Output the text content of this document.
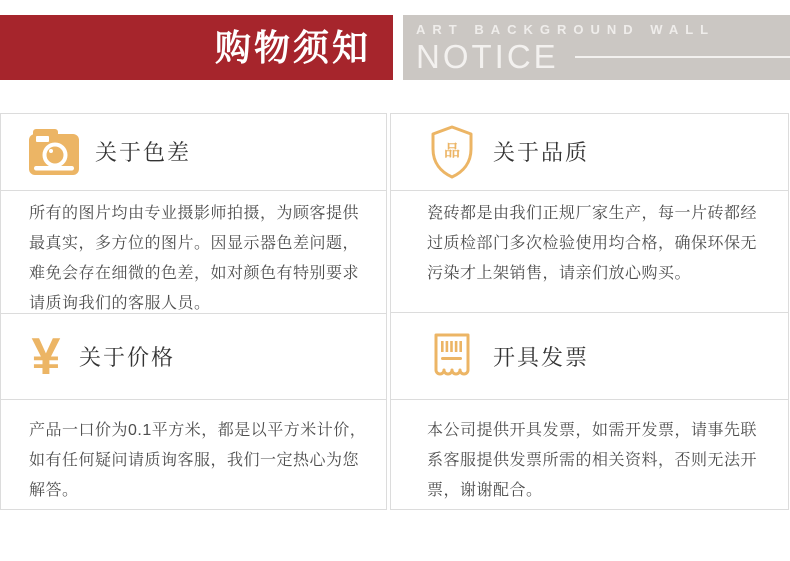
购物须知	ART BACKGROUND WALL
NOTICE
关于色差

所有的图片均由专业摄影师拍摄，为顾客提供最真实，多方位的图片。因显示器色差问题，难免会存在细微的色差，如对颜色有特别要求请质询我们的客服人员。

¥ 关于价格

产品一口价为0.1平方米，都是以平方米计价，如有任何疑问请质询客服，我们一定热心为您解答。

品	关于品质

瓷砖都是由我们正规厂家生产，每一片砖都经过质检部门多次检验使用均合格，确保环保无污染才上架销售，请亲们放心购买。

开具发票

本公司提供开具发票，如需开发票，请事先联系客服提供发票所需的相关资料，否则无法开票，谢谢配合。
